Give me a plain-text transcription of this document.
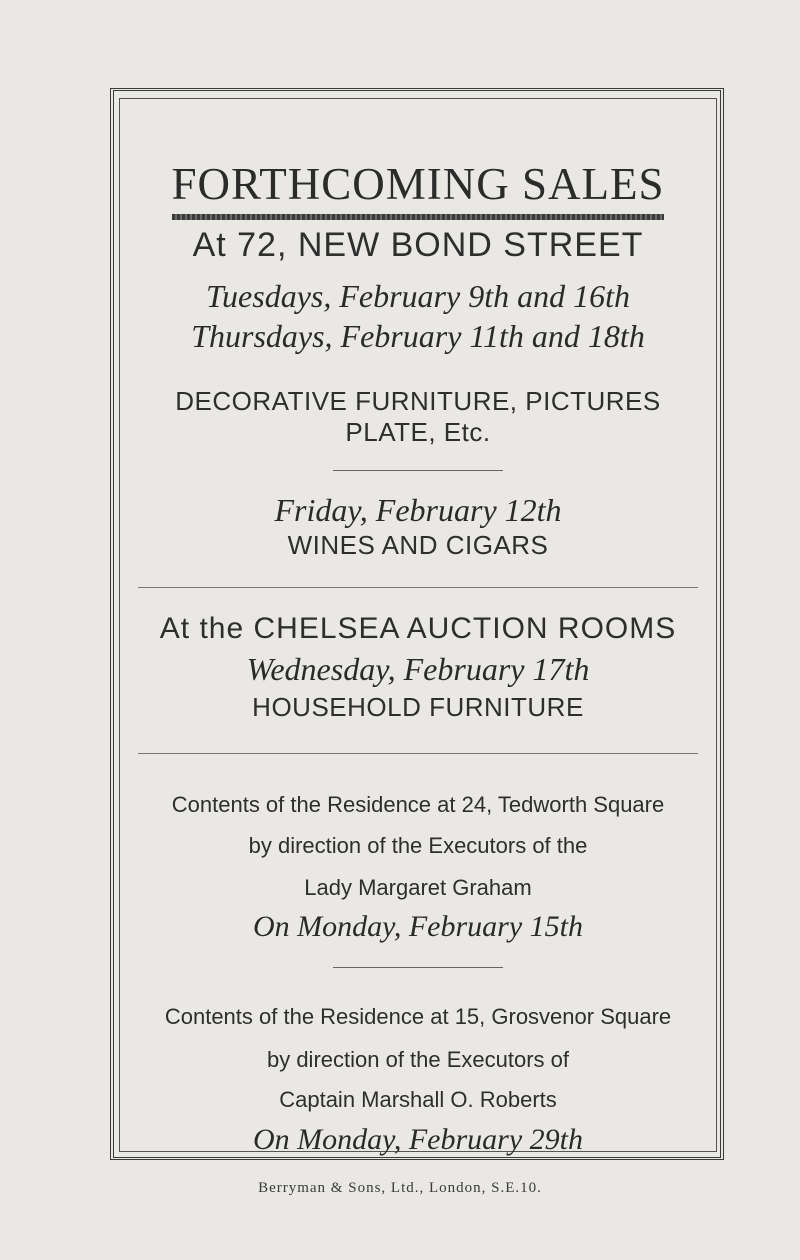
FORTHCOMING SALES
At 72, NEW BOND STREET
Tuesdays, February 9th and 16th
Thursdays, February 11th and 18th
DECORATIVE FURNITURE, PICTURES
PLATE, Etc.
Friday, February 12th
WINES AND CIGARS
At the CHELSEA AUCTION ROOMS
Wednesday, February 17th
HOUSEHOLD FURNITURE
Contents of the Residence at 24, Tedworth Square
by direction of the Executors of the
Lady Margaret Graham
On Monday, February 15th
Contents of the Residence at 15, Grosvenor Square
by direction of the Executors of
Captain Marshall O. Roberts
On Monday, February 29th
Berryman & Sons, Ltd., London, S.E.10.
